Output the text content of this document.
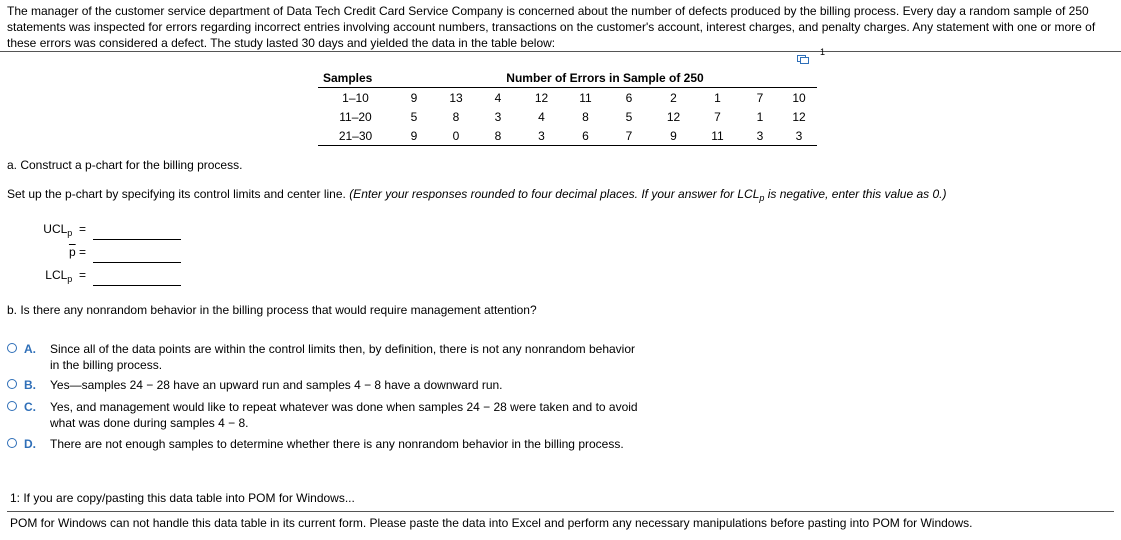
The manager of the customer service department of Data Tech Credit Card Service Company is concerned about the number of defects produced by the billing process. Every day a random sample of 250 statements was inspected for errors regarding incorrect entries involving account numbers, transactions on the customer's account, interest charges, and penalty charges. Any statement with one or more of these errors was considered a defect. The study lasted 30 days and yielded the data in the table below:

1
Samples	Number of Errors in Sample of 250									
1–10	9	13	4	12	11	6	2	1	7	10
11–20	5	8	3	4	8	5	12	7	1	12
21–30	9	0	8	3	6	7	9	11	3	3
a. Construct a p-chart for the billing process.
Set up the p-chart by specifying its control limits and center line. (Enter your responses rounded to four decimal places. If your answer for $LCL_p$ is negative, enter this value as 0.)
$UCL_p$ =
$\overline{p}$ =
$LCL_p$ =
b. Is there any nonrandom behavior in the billing process that would require management attention?
A. Since all of the data points are within the control limits then, by definition, there is not any nonrandom behavior in the billing process.
B. Yes—samples 24 − 28 have an upward run and samples 4 − 8 have a downward run.
C. Yes, and management would like to repeat whatever was done when samples 24 − 28 were taken and to avoid what was done during samples 4 − 8.
D. There are not enough samples to determine whether there is any nonrandom behavior in the billing process.
1: If you are copy/pasting this data table into POM for Windows...
POM for Windows can not handle this data table in its current form. Please paste the data into Excel and perform any necessary manipulations before pasting into POM for Windows.
